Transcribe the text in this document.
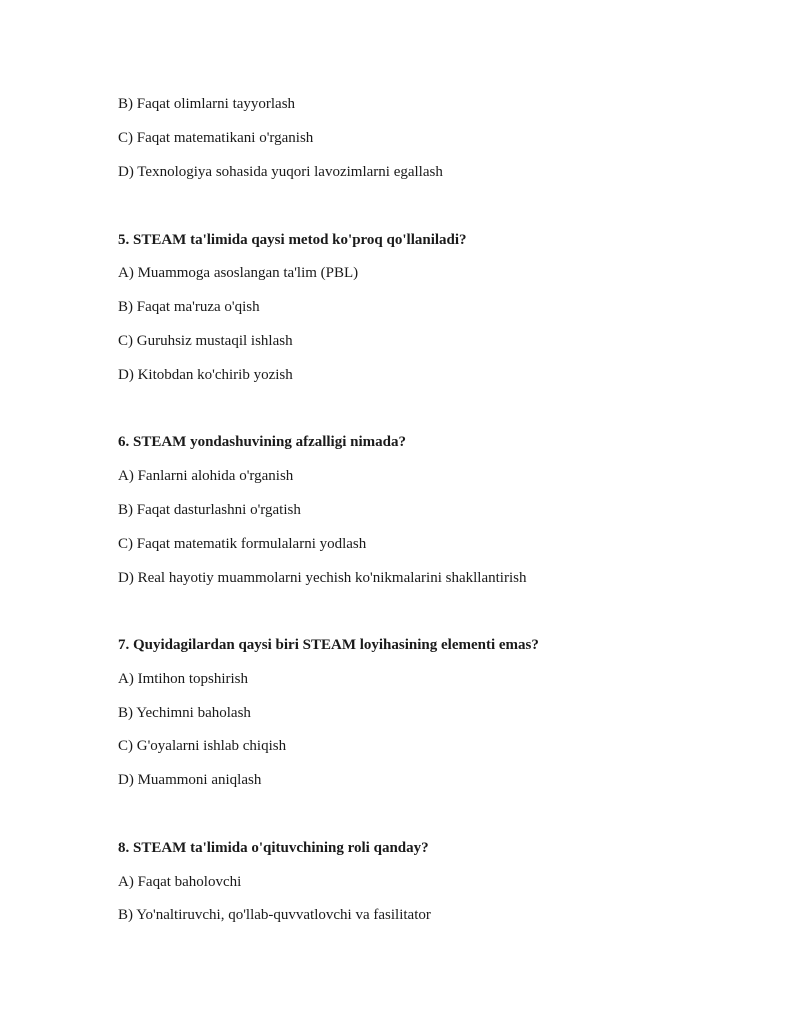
B) Faqat olimlarni tayyorlash
C) Faqat matematikani o'rganish
D) Texnologiya sohasida yuqori lavozimlarni egallash
5. STEAM ta'limida qaysi metod ko'proq qo'llaniladi?
A) Muammoga asoslangan ta'lim (PBL)
B) Faqat ma'ruza o'qish
C) Guruhsiz mustaqil ishlash
D) Kitobdan ko'chirib yozish
6. STEAM yondashuvining afzalligi nimada?
A) Fanlarni alohida o'rganish
B) Faqat dasturlashni o'rgatish
C) Faqat matematik formulalarni yodlash
D) Real hayotiy muammolarni yechish ko'nikmalarini shakllantirish
7. Quyidagilardan qaysi biri STEAM loyihasining elementi emas?
A) Imtihon topshirish
B) Yechimni baholash
C) G'oyalarni ishlab chiqish
D) Muammoni aniqlash
8. STEAM ta'limida o'qituvchining roli qanday?
A) Faqat baholovchi
B) Yo'naltiruvchi, qo'llab-quvvatlovchi va fasilitator
